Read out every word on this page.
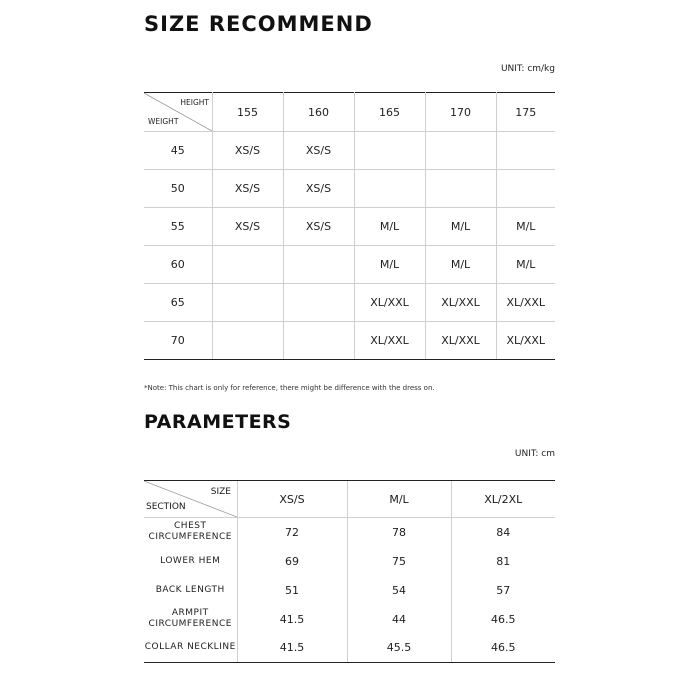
SIZE RECOMMEND
UNIT: cm/kg
HEIGHT
WEIGHT	155	160	165	170	175
45	XS/S	XS/S			
50	XS/S	XS/S			
55	XS/S	XS/S	M/L	M/L	M/L
60			M/L	M/L	M/L
65			XL/XXL	XL/XXL	XL/XXL
70			XL/XXL	XL/XXL	XL/XXL
*Note: This chart is only for reference, there might be difference with the dress on.
PARAMETERS
UNIT: cm
SIZE
SECTION	XS/S	M/L	XL/2XL
CHEST
CIRCUMFERENCE	72	78	84
LOWER HEM	69	75	81
BACK LENGTH	51	54	57
ARMPIT
CIRCUMFERENCE	41.5	44	46.5
COLLAR NECKLINE	41.5	45.5	46.5
